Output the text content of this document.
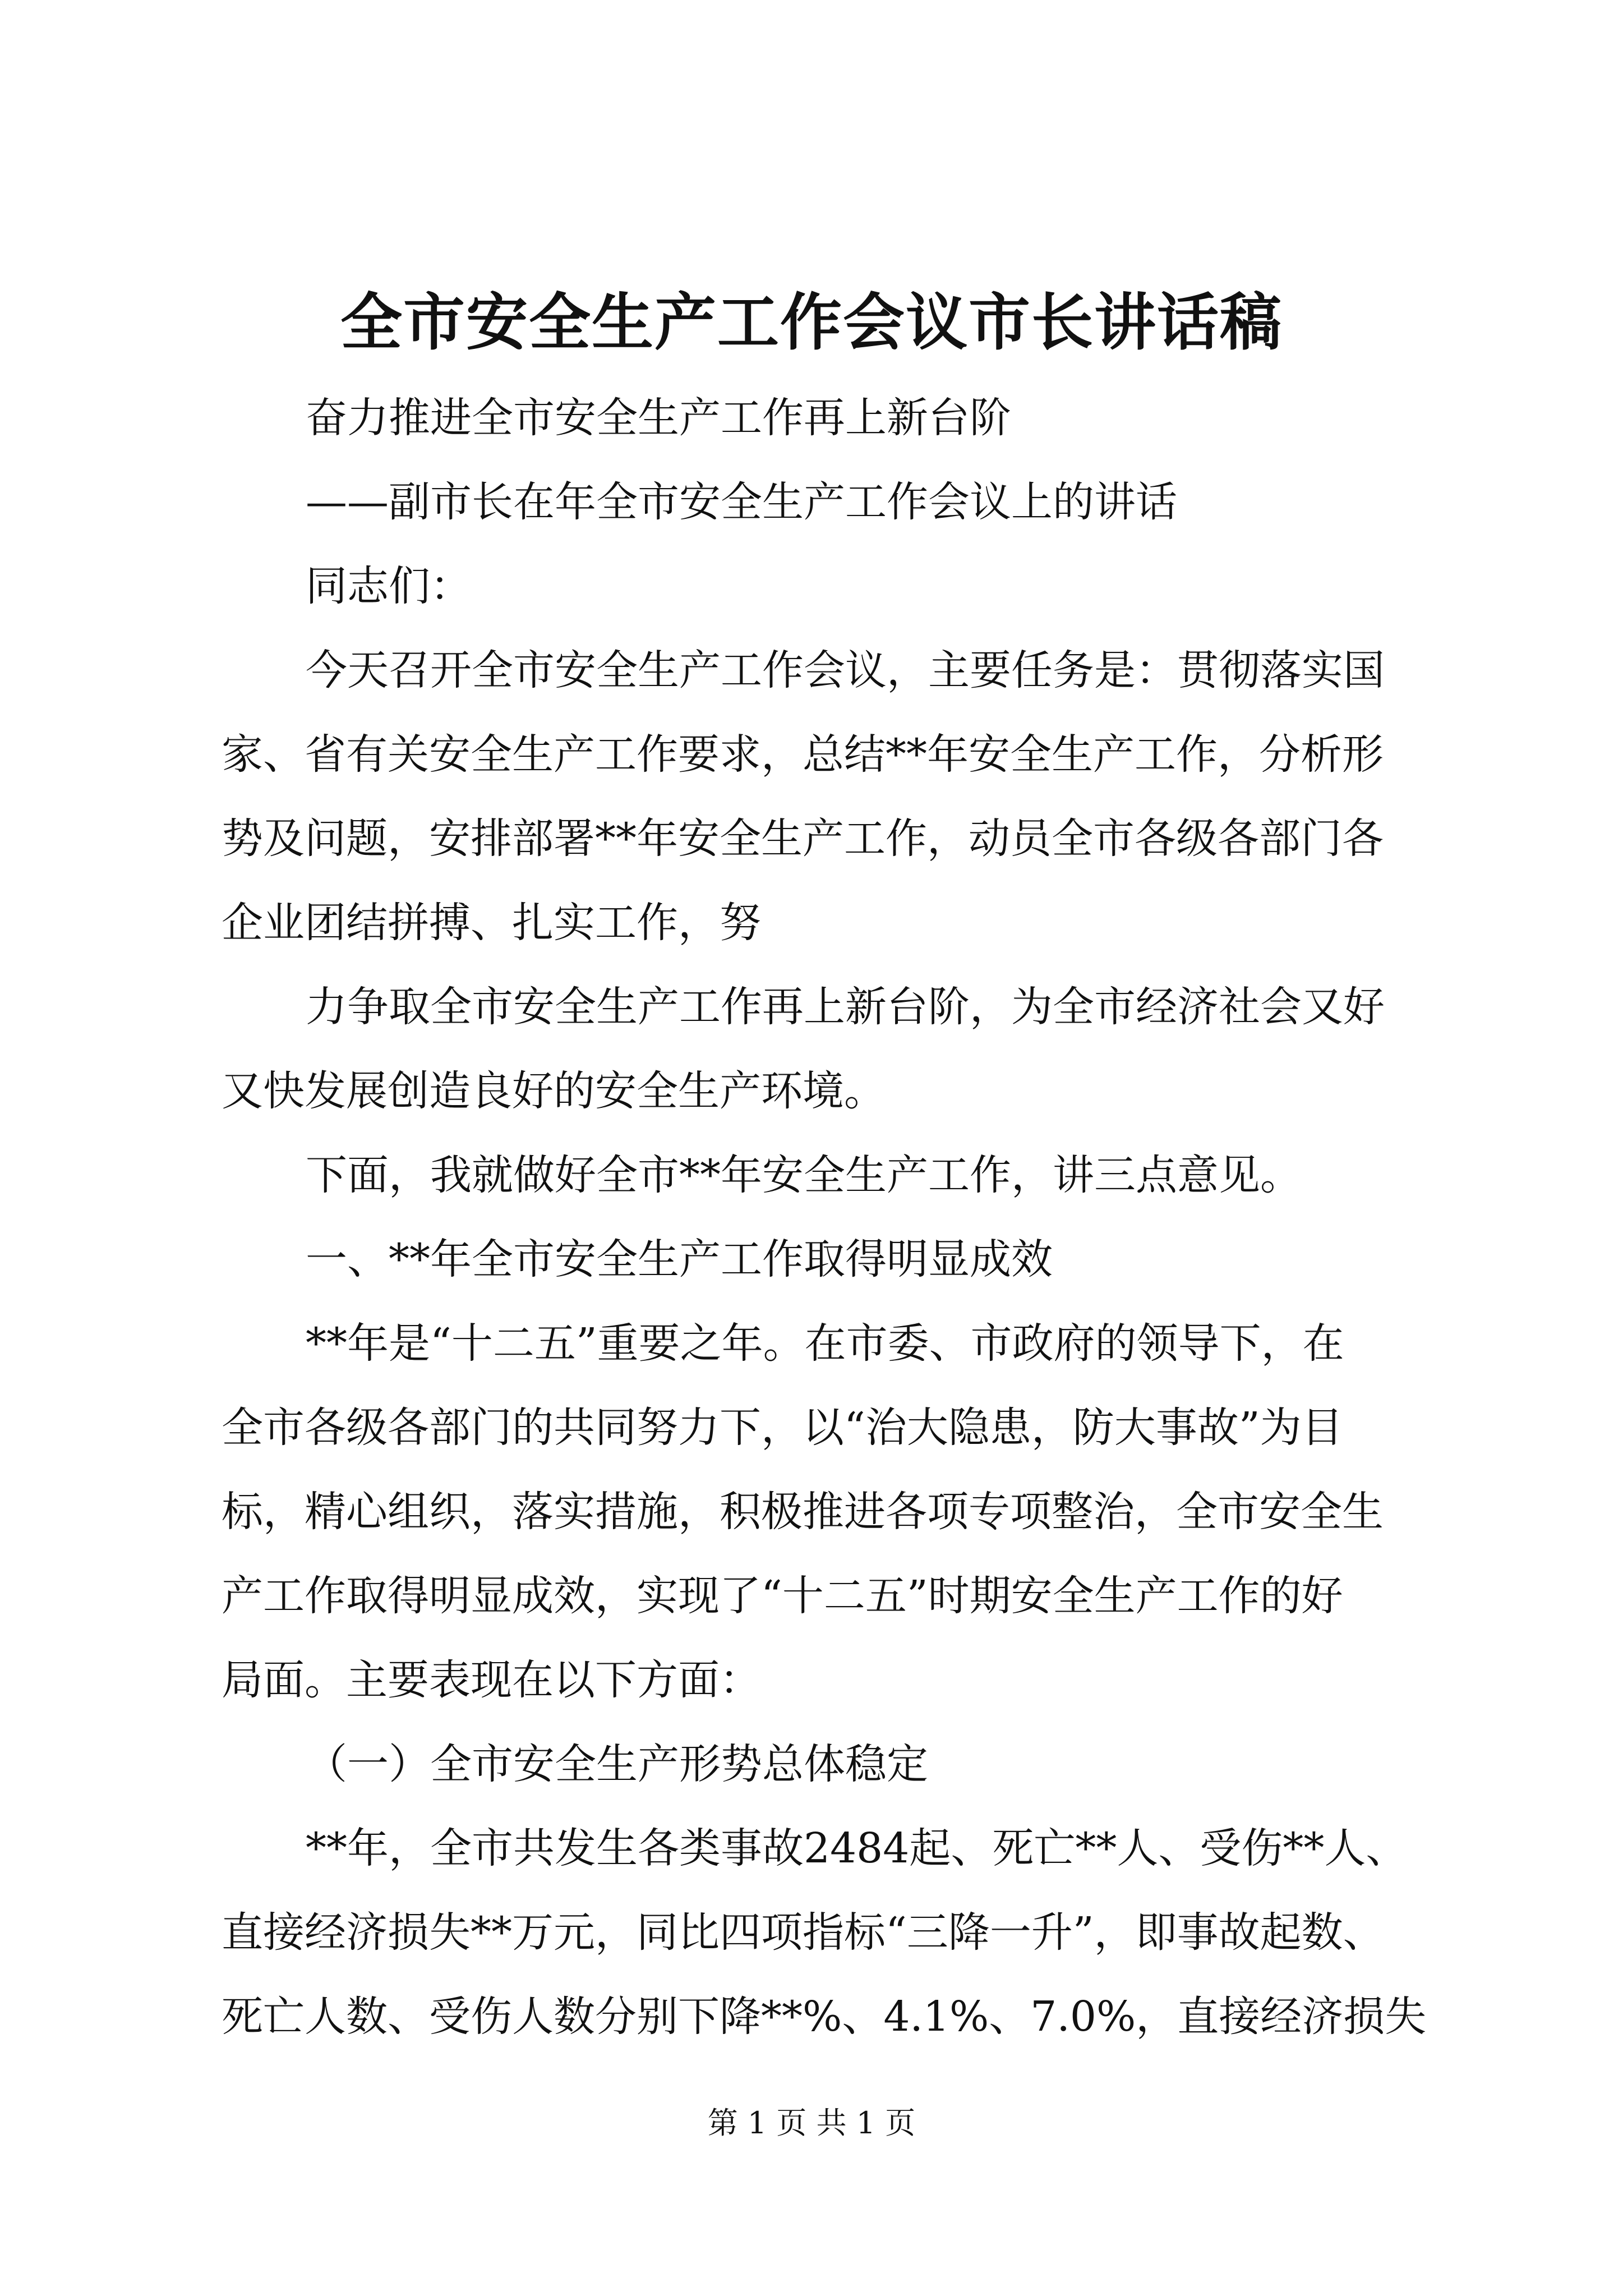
全市安全生产工作会议市长讲话稿
奋力推进全市安全生产工作再上新台阶
——副市长在年全市安全生产工作会议上的讲话
同志们：
今天召开全市安全生产工作会议，主要任务是：贯彻落实国
家、省有关安全生产工作要求，总结**年安全生产工作，分析形
势及问题，安排部署**年安全生产工作，动员全市各级各部门各
企业团结拼搏、扎实工作，努
力争取全市安全生产工作再上新台阶，为全市经济社会又好
又快发展创造良好的安全生产环境。
下面，我就做好全市**年安全生产工作，讲三点意见。
一、**年全市安全生产工作取得明显成效
**年是“十二五”重要之年。在市委、市政府的领导下，在
全市各级各部门的共同努力下，以“治大隐患，防大事故”为目
标，精心组织，落实措施，积极推进各项专项整治，全市安全生
产工作取得明显成效，实现了“十二五”时期安全生产工作的好
局面。主要表现在以下方面：
（一）全市安全生产形势总体稳定
**年，全市共发生各类事故2484起、死亡**人、受伤**人、
直接经济损失**万元，同比四项指标“三降一升”，即事故起数、
死亡人数、受伤人数分别下降**%、4.1%、7.0%，直接经济损失
第 1 页 共 1 页
